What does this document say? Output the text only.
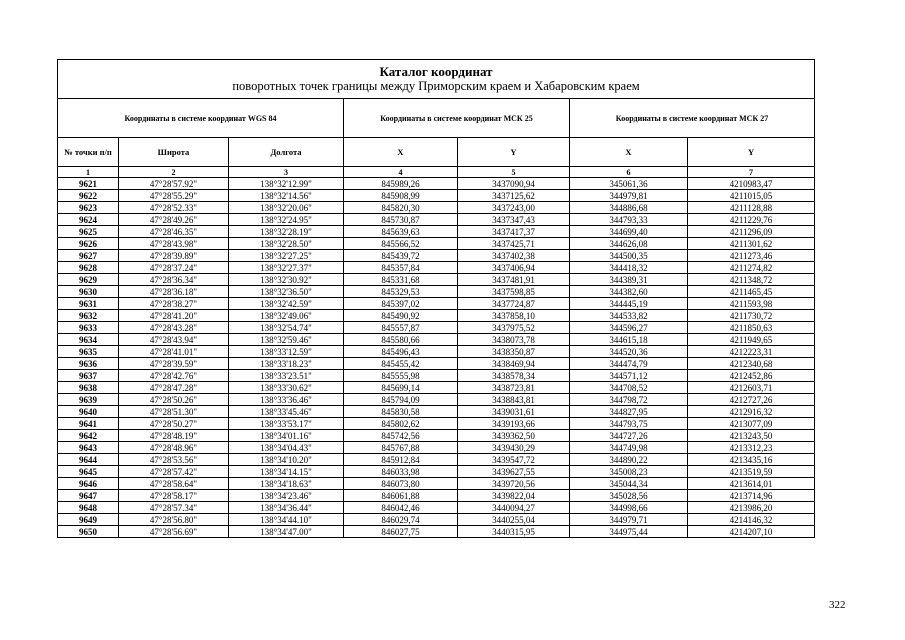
Каталог координат
поворотных точек границы между Приморским краем и Хабаровским краем						

Координаты в системе координат WGS 84			Координаты в системе координат МСК 25		Координаты в системе координат МСК 27	
№ точки п/п	Широта	Долгота	X	Y	X	Y
1	2	3	4	5	6	7
9621	47°28'57.92"	138°32'12.99"	845989,26	3437090,94	345061,36	4210983,47
9622	47°28'55.29"	138°32'14.56"	845908,99	3437125,62	344979,81	4211015,05
9623	47°28'52.33"	138°32'20.06"	845820,30	3437243,00	344886,68	4211128,88
9624	47°28'49.26"	138°32'24.95"	845730,87	3437347,43	344793,33	4211229,76
9625	47°28'46.35"	138°32'28.19"	845639,63	3437417,37	344699,40	4211296,09
9626	47°28'43.98"	138°32'28.50"	845566,52	3437425,71	344626,08	4211301,62
9627	47°28'39.89"	138°32'27.25"	845439,72	3437402,38	344500,35	4211273,46
9628	47°28'37.24"	138°32'27.37"	845357,84	3437406,94	344418,32	4211274,82
9629	47°28'36.34"	138°32'30.92"	845331,68	3437481,91	344389,31	4211348,72
9630	47°28'36.18"	138°32'36.50"	845329,53	3437598,85	344382,60	4211465,45
9631	47°28'38.27"	138°32'42.59"	845397,02	3437724,87	344445,19	4211593,98
9632	47°28'41.20"	138°32'49.06"	845490,92	3437858,10	344533,82	4211730,72
9633	47°28'43.28"	138°32'54.74"	845557,87	3437975,52	344596,27	4211850,63
9634	47°28'43.94"	138°32'59.46"	845580,66	3438073,78	344615,18	4211949,65
9635	47°28'41.01"	138°33'12.59"	845496,43	3438350,87	344520,36	4212223,31
9636	47°28'39.59"	138°33'18.23"	845455,42	3438469,94	344474,79	4212340,68
9637	47°28'42.76"	138°33'23.51"	845555,98	3438578,34	344571,12	4212452,86
9638	47°28'47.28"	138°33'30.62"	845699,14	3438723,81	344708,52	4212603,71
9639	47°28'50.26"	138°33'36.46"	845794,09	3438843,81	344798,72	4212727,26
9640	47°28'51.30"	138°33'45.46"	845830,58	3439031,61	344827,95	4212916,32
9641	47°28'50.27"	138°33'53.17"	845802,62	3439193,66	344793,75	4213077,09
9642	47°28'48.19"	138°34'01.16"	845742,56	3439362,50	344727,26	4213243,50
9643	47°28'48.96"	138°34'04.43"	845767,88	3439430,29	344749,98	4213312,23
9644	47°28'53.56"	138°34'10.20"	845912,84	3439547,72	344890,22	4213435,16
9645	47°28'57.42"	138°34'14.15"	846033,98	3439627,55	345008,23	4213519,59
9646	47°28'58.64"	138°34'18.63"	846073,80	3439720,56	345044,34	4213614,01
9647	47°28'58.17"	138°34'23.46"	846061,88	3439822,04	345028,56	4213714,96
9648	47°28'57.34"	138°34'36.44"	846042,46	3440094,27	344998,66	4213986,20
9649	47°28'56.80"	138°34'44.10"	846029,74	3440255,04	344979,71	4214146,32
9650	47°28'56.69"	138°34'47.00"	846027,75	3440315,95	344975,44	4214207,10
322
